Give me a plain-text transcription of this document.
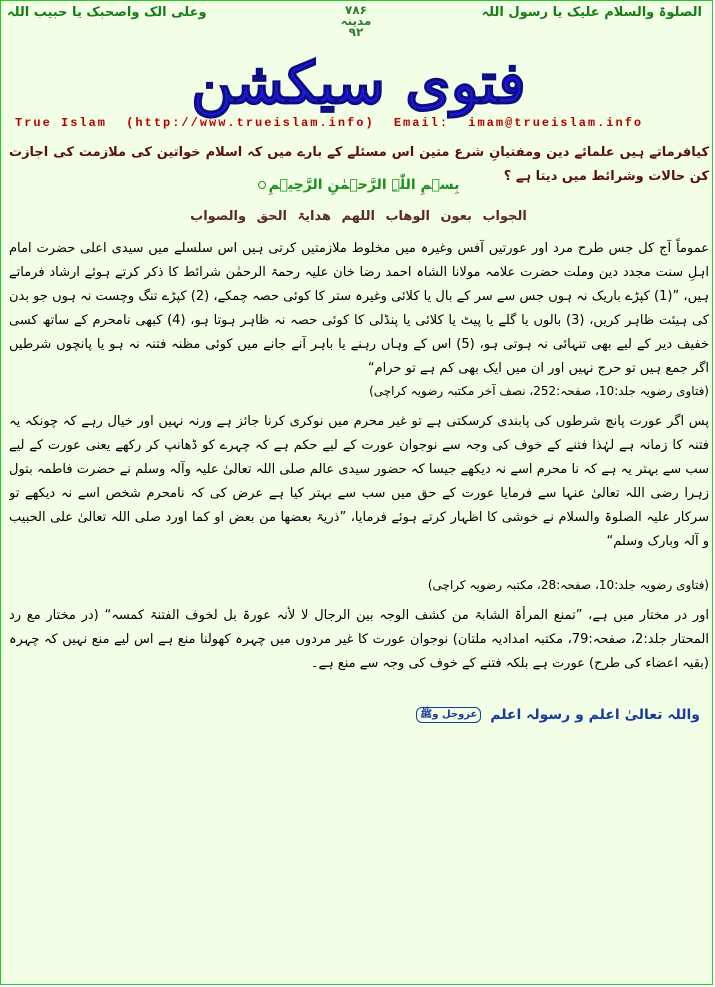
الصلوۃ والسلام علیک یا رسول اللہ
۷۸۶
مدینہ
۹۲
وعلی الک واصحبک یا حبیب اللہ
فتوی سیکشن
True Islam (http://www.trueislam.info) Email: imam@trueislam.info
کیافرماتے ہیں علمائے دین ومفتیانِ شرع متین اس مسئلے کے بارے میں کہ اسلام خواتین کی ملازمت کی اجازت کن حالات وشرائط میں دیتا ہے ؟
بِسۡمِ اللّٰہِ الرَّحۡمٰنِ الرَّحِیۡمِ
الجواب بعون الوھاب اللھم ھدایۃ الحق والصواب
عموماً آج کل جس طرح مرد اور عورتیں آفس وغیرہ میں مخلوط ملازمتیں کرتی ہیں اس سلسلے میں سیدی اعلی حضرت امام اہلِ سنت مجدد دین وملت حضرت علامہ مولانا الشاہ احمد رضا خان علیہ رحمۃ الرحمٰن شرائط کا ذکر کرتے ہوئے ارشاد فرماتے ہیں، ”(1) کپڑے باریک نہ ہوں جس سے سر کے بال یا کلائی وغیرہ ستر کا کوئی حصہ چمکے، (2) کپڑے تنگ وچست نہ ہوں جو بدن کی ہیئت ظاہر کریں، (3) بالوں یا گلے یا پیٹ یا کلائی یا پنڈلی کا کوئی حصہ نہ ظاہر ہوتا ہو، (4) کبھی نامحرم کے ساتھ کسی خفیف دیر کے لیے بھی تنہائی نہ ہوتی ہو، (5) اس کے وہاں رہنے یا باہر آنے جانے میں کوئی مظنہ فتنہ نہ ہو یا پانچوں شرطیں اگر جمع ہیں تو حرج نہیں اور ان میں ایک بھی کم ہے تو حرام“
(فتاوی رضویہ جلد:10، صفحہ:252، نصف آخر مکتبہ رضویہ کراچی)
پس اگر عورت پانچ شرطوں کی پابندی کرسکتی ہے تو غیر محرم میں نوکری کرنا جائز ہے ورنہ نہیں اور خیال رہے کہ چونکہ یہ فتنہ کا زمانہ ہے لہٰذا فتنے کے خوف کی وجہ سے نوجوان عورت کے لیے حکم ہے کہ چہرے کو ڈھانپ کر رکھے یعنی عورت کے لیے سب سے بہتر یہ ہے کہ نا محرم اسے نہ دیکھے جیسا کہ حضور سیدی عالم صلی اللہ تعالیٰ علیہ وآلہ وسلم نے حضرت فاطمہ بتول زہرا رضی اللہ تعالیٰ عنہا سے فرمایا عورت کے حق میں سب سے بہتر کیا ہے عرض کی کہ نامحرم شخص اسے نہ دیکھے تو سرکار علیہ الصلوۃ والسلام نے خوشی کا اظہار کرتے ہوئے فرمایا، ”ذریۃ بعضھا من بعض او کما اورد صلی اللہ تعالیٰ علی الحبیب و آلہ وبارک وسلم“
(فتاوی رضویہ جلد:10، صفحہ:28، مکتبہ رضویہ کراچی)
اور در مختار میں ہے، ”تمنع المرأۃ الشابۃ من کشف الوجہ بین الرجال لا لأنہ عورۃ بل لخوف الفتنۃ کمسہ“ (در مختار مع رد المحتار جلد:2، صفحہ:79، مکتبہ امدادیہ ملتان) نوجوان عورت کا غیر مردوں میں چہرہ کھولنا منع ہے اس لیے منع نہیں کہ چہرہ (بقیہ اعضاء کی طرح) عورت ہے بلکہ فتنے کے خوف کی وجہ سے منع ہے۔
واللہ تعالیٰ اعلم و رسولہ اعلم عزوجل وﷺ
